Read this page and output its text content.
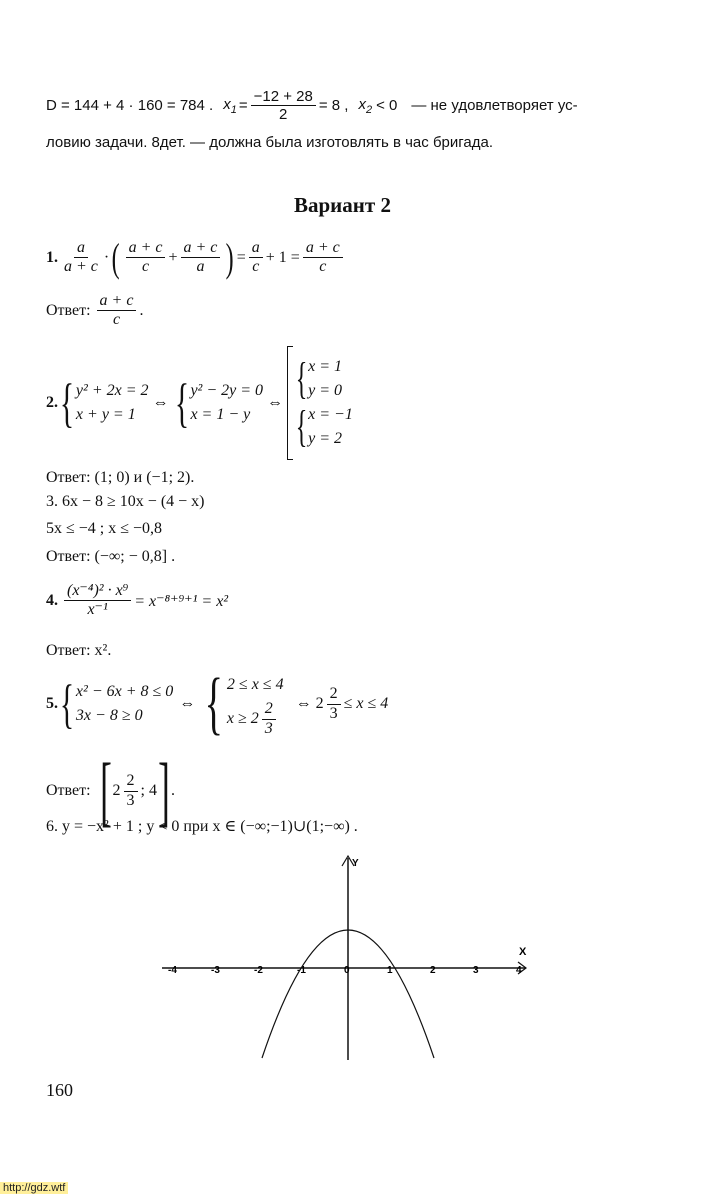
D = 144 + 4 · 160 = 784 . $x_1 = \frac{-12 + 28}{2} = 8$ , $x_2 < 0$ — не удовлетворяет ус-
ловию задачи. 8дет. — должна была изготовлять в час бригада.
Вариант 2
1. $\frac{a}{a + c}$ · ( $\frac{a + c}{c} + \frac{a + c}{a}$ ) = $\frac{a}{c} + 1 = \frac{a + c}{c}$
Ответ: $\frac{a + c}{c}$ .
2. { y² + 2x = 2
x + y = 1
⇔ { y² − 2y = 0
x = 1 − y
⇔ { x = 1
y = 0
{ x = −1
y = 2
Ответ: (1; 0) и (−1; 2).
3. 6x − 8 ≥ 10x − (4 − x)
5x ≤ −4 ; x ≤ −0,8
Ответ: (−∞; − 0,8] .
4. $\frac{\text{(x⁻⁴)² · x⁹}}{\text{x⁻¹}} = x^{-8+9+1} = x^2$
Ответ: x².
5. { x² − 6x + 8 ≤ 0
3x − 8 ≥ 0
⇔ { 2 ≤ x ≤ 4
$x \ge 2 \frac{2}{3}$ ⇔ $2 \frac{2}{3} \le x \le 4$
Ответ: [ $2 \frac{2}{3}$ ; 4 ] .
6. y = −x² + 1 ; y < 0 при x ∈ (−∞;−1)∪(1;−∞) .
Y
X
-4	-3	-2	-1	0	1	2	3	4
160
http://gdz.wtf
